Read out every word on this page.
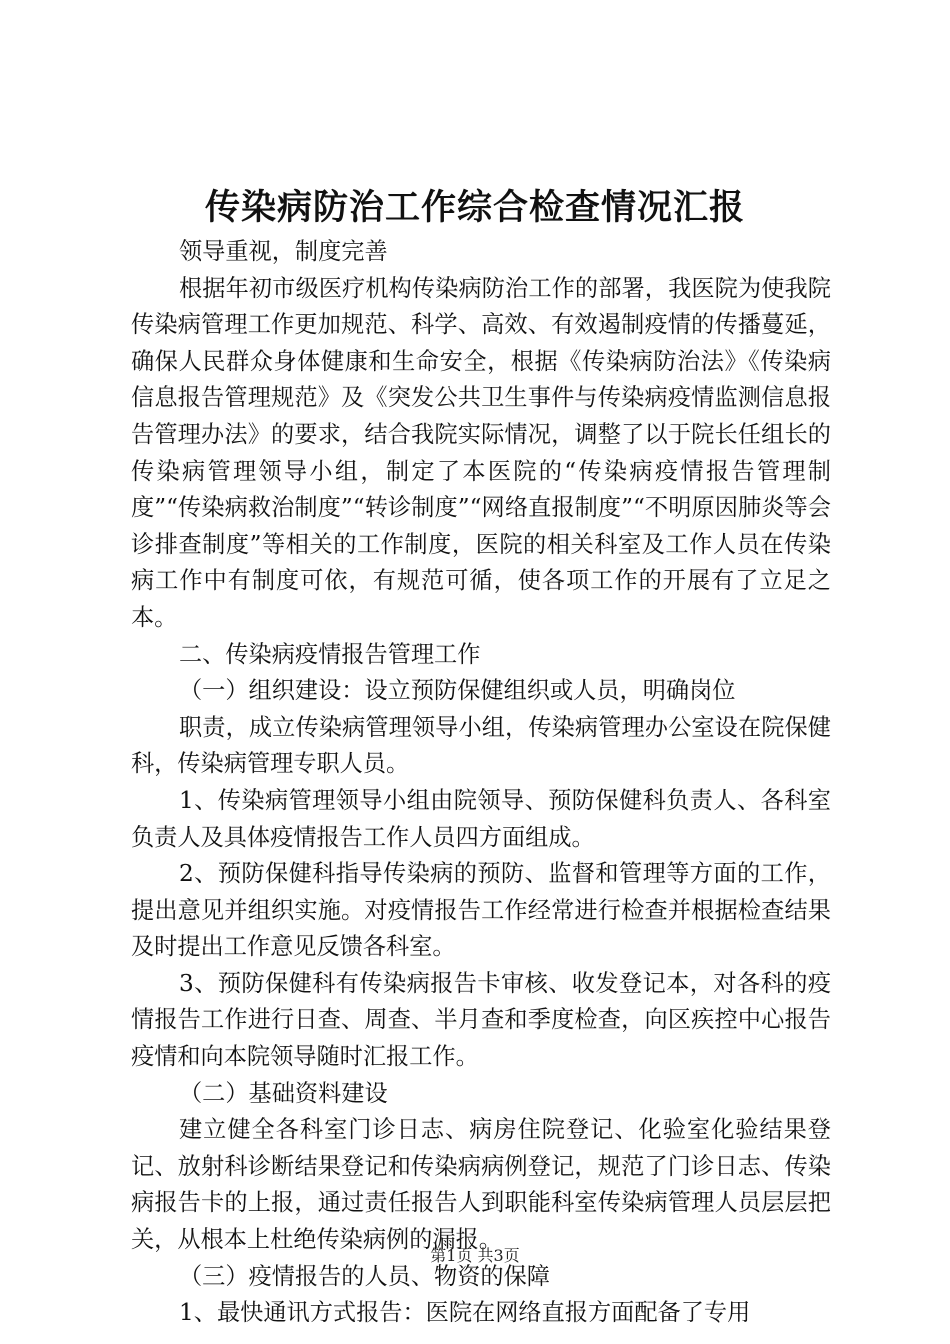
传染病防治工作综合检查情况汇报

领导重视，制度完善

根据年初市级医疗机构传染病防治工作的部署，我医院为使我院传染病管理工作更加规范、科学、高效、有效遏制疫情的传播蔓延，确保人民群众身体健康和生命安全，根据《传染病防治法》《传染病信息报告管理规范》及《突发公共卫生事件与传染病疫情监测信息报告管理办法》的要求，结合我院实际情况，调整了以于院长任组长的传染病管理领导小组，制定了本医院的“传染病疫情报告管理制度”“传染病救治制度”“转诊制度”“网络直报制度”“不明原因肺炎等会诊排查制度”等相关的工作制度，医院的相关科室及工作人员在传染病工作中有制度可依，有规范可循，使各项工作的开展有了立足之本。

二、传染病疫情报告管理工作

（一）组织建设：设立预防保健组织或人员，明确岗位

职责，成立传染病管理领导小组，传染病管理办公室设在院保健科，传染病管理专职人员。

1、传染病管理领导小组由院领导、预防保健科负责人、各科室负责人及具体疫情报告工作人员四方面组成。

2、预防保健科指导传染病的预防、监督和管理等方面的工作，提出意见并组织实施。对疫情报告工作经常进行检查并根据检查结果及时提出工作意见反馈各科室。

3、预防保健科有传染病报告卡审核、收发登记本，对各科的疫情报告工作进行日查、周查、半月查和季度检查，向区疾控中心报告疫情和向本院领导随时汇报工作。

（二）基础资料建设

建立健全各科室门诊日志、病房住院登记、化验室化验结果登记、放射科诊断结果登记和传染病病例登记，规范了门诊日志、传染病报告卡的上报，通过责任报告人到职能科室传染病管理人员层层把关，从根本上杜绝传染病例的漏报。

（三）疫情报告的人员、物资的保障

1、最快通讯方式报告：医院在网络直报方面配备了专用

第1页 共3页
